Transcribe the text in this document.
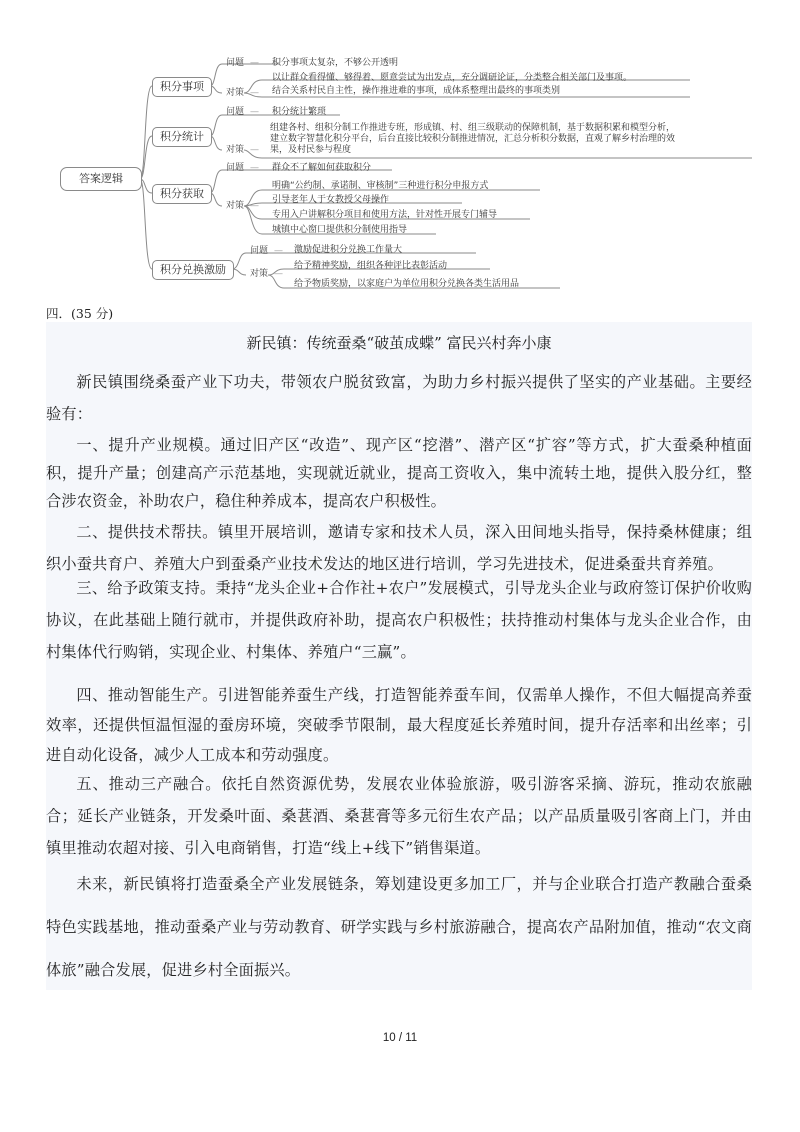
答案逻辑
积分事项
积分统计
积分获取
积分兑换激励
问题 — 积分事项太复杂，不够公开透明
对策 —
以让群众看得懂、够得着、愿意尝试为出发点，充分调研论证，分类整合相关部门及事项。
结合关系村民自主性，操作推进难的事项，成体系整理出最终的事项类别
问题 — 积分统计繁琐
对策 —
组建各村、组积分制工作推进专班，形成镇、村、组三级联动的保障机制，基于数据积累和模型分析，
建立数字智慧化积分平台，后台直接比较积分制推进情况，汇总分析积分数据，直观了解乡村治理的效
果，及村民参与程度
问题 — 群众不了解如何获取积分
对策 —
明确“公约制、承诺制、审核制”三种进行积分申报方式
引导老年人于女教授父母操作
专用入户讲解积分项目和使用方法，针对性开展专门辅导
城镇中心窗口提供积分制使用指导
问题 — 激励促进积分兑换工作量大
对策 —
给予精神奖励，组织各种评比表彰活动
给予物质奖励，以家庭户为单位用积分兑换各类生活用品
四．(35 分)
新民镇：传统蚕桑“破茧成蝶” 富民兴村奔小康

新民镇围绕桑蚕产业下功夫，带领农户脱贫致富，为助力乡村振兴提供了坚实的产业基础。主要经验有：

一、提升产业规模。通过旧产区“改造”、现产区“挖潜”、潜产区“扩容”等方式，扩大蚕桑种植面积，提升产量；创建高产示范基地，实现就近就业，提高工资收入，集中流转土地，提供入股分红，整合涉农资金，补助农户，稳住种养成本，提高农户积极性。

二、提供技术帮扶。镇里开展培训，邀请专家和技术人员，深入田间地头指导，保持桑林健康；组织小蚕共育户、养殖大户到蚕桑产业技术发达的地区进行培训，学习先进技术，促进桑蚕共育养殖。

三、给予政策支持。秉持“龙头企业+合作社+农户”发展模式，引导龙头企业与政府签订保护价收购协议，在此基础上随行就市，并提供政府补助，提高农户积极性；扶持推动村集体与龙头企业合作，由村集体代行购销，实现企业、村集体、养殖户“三赢”。

四、推动智能生产。引进智能养蚕生产线，打造智能养蚕车间，仅需单人操作，不但大幅提高养蚕效率，还提供恒温恒湿的蚕房环境，突破季节限制，最大程度延长养殖时间，提升存活率和出丝率；引进自动化设备，减少人工成本和劳动强度。

五、推动三产融合。依托自然资源优势，发展农业体验旅游，吸引游客采摘、游玩，推动农旅融合；延长产业链条，开发桑叶面、桑葚酒、桑葚膏等多元衍生农产品；以产品质量吸引客商上门，并由镇里推动农超对接、引入电商销售，打造“线上+线下”销售渠道。

未来，新民镇将打造蚕桑全产业发展链条，筹划建设更多加工厂，并与企业联合打造产教融合蚕桑特色实践基地，推动蚕桑产业与劳动教育、研学实践与乡村旅游融合，提高农产品附加值，推动“农文商体旅”融合发展，促进乡村全面振兴。

10 / 11
